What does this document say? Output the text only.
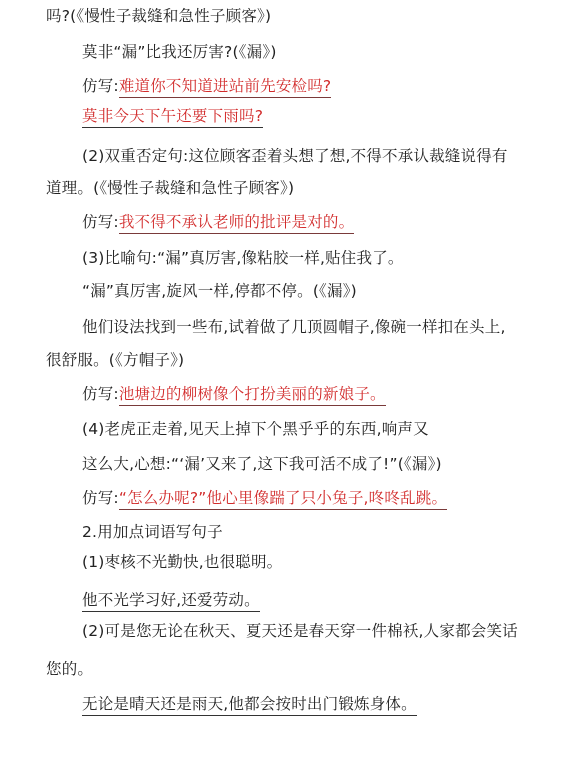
吗?(《慢性子裁缝和急性子顾客》)
莫非“漏”比我还厉害?(《漏》)
仿写:难道你不知道进站前先安检吗?
莫非今天下午还要下雨吗?
(2)双重否定句:这位顾客歪着头想了想,不得不承认裁缝说得有
道理。(《慢性子裁缝和急性子顾客》)
仿写:我不得不承认老师的批评是对的。
(3)比喻句:“漏”真厉害,像粘胶一样,贴住我了。
“漏”真厉害,旋风一样,停都不停。(《漏》)
他们设法找到一些布,试着做了几顶圆帽子,像碗一样扣在头上,
很舒服。(《方帽子》)
仿写:池塘边的柳树像个打扮美丽的新娘子。
(4)老虎正走着,见天上掉下个黑乎乎的东西,响声又
这么大,心想:“‘漏’又来了,这下我可活不成了!”(《漏》)
仿写:“怎么办呢?”他心里像踹了只小兔子,咚咚乱跳。
2.用加点词语写句子
(1)枣核不光勤快,也很聪明。
他不光学习好,还爱劳动。
(2)可是您无论在秋天、夏天还是春天穿一件棉袄,人家都会笑话
您的。
无论是晴天还是雨天,他都会按时出门锻炼身体。
